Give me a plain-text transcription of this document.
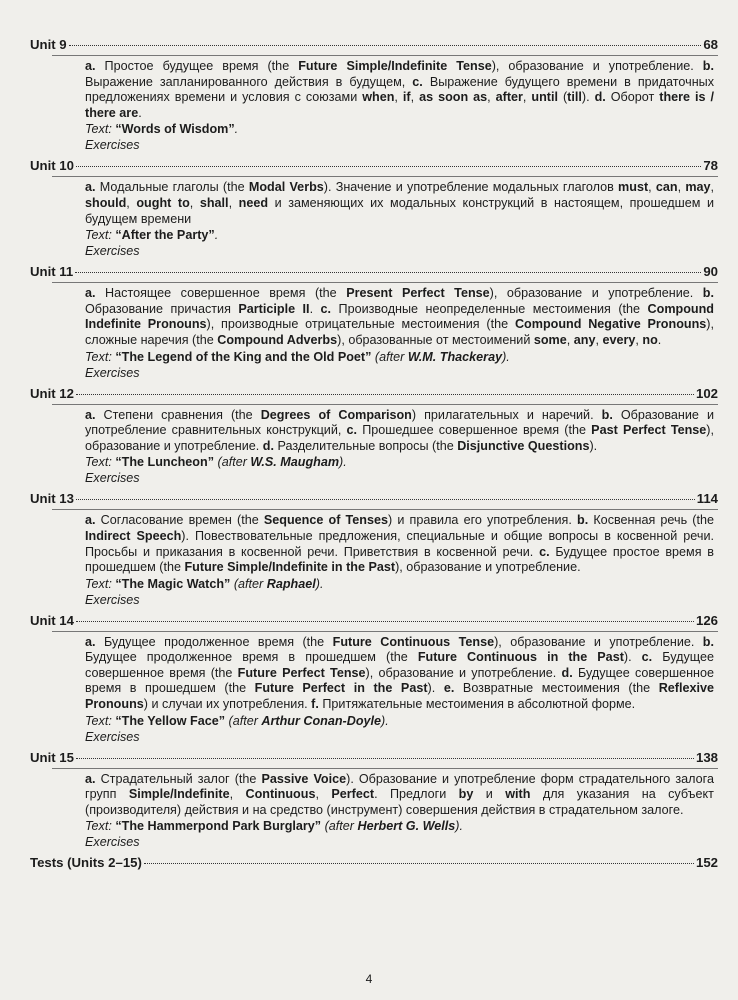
Unit 9	68

a. Простое будущее время (the Future Simple/Indefinite Tense), образование и употребление. b. Выражение запланированного действия в будущем, c. Выражение будущего времени в придаточных предложениях времени и условия с союзами when, if, as soon as, after, until (till). d. Оборот there is / there are.

Text: “Words of Wisdom”.

Exercises

Unit 10	78

a. Модальные глаголы (the Modal Verbs). Значение и употребление модальных глаголов must, can, may, should, ought to, shall, need и заменяющих их модальных конструкций в настоящем, прошедшем и будущем времени

Text: “After the Party”.

Exercises

Unit 11	90

a. Настоящее совершенное время (the Present Perfect Tense), образование и употребление. b. Образование причастия Participle II. c. Производные неопределенные местоимения (the Compound Indefinite Pronouns), производные отрицательные местоимения (the Compound Negative Pronouns), сложные наречия (the Compound Adverbs), образованные от местоимений some, any, every, no.

Text: “The Legend of the King and the Old Poet” (after W.M. Thackeray).

Exercises

Unit 12	102

a. Степени сравнения (the Degrees of Comparison) прилагательных и наречий. b. Образование и употребление сравнительных конструкций, c. Прошедшее совершенное время (the Past Perfect Tense), образование и употребление. d. Разделительные вопросы (the Disjunctive Questions).

Text: “The Luncheon” (after W.S. Maugham).

Exercises

Unit 13	114

a. Согласование времен (the Sequence of Tenses) и правила его употребления. b. Косвенная речь (the Indirect Speech). Повествовательные предложения, специальные и общие вопросы в косвенной речи. Просьбы и приказания в косвенной речи. Приветствия в косвенной речи. c. Будущее простое время в прошедшем (the Future Simple/Indefinite in the Past), образование и употребление.

Text: “The Magic Watch” (after Raphael).

Exercises

Unit 14	126

a. Будущее продолженное время (the Future Continuous Tense), образование и употребление. b. Будущее продолженное время в прошедшем (the Future Continuous in the Past). c. Будущее совершенное время (the Future Perfect Tense), образование и употребление. d. Будущее совершенное время в прошедшем (the Future Perfect in the Past). e. Возвратные местоимения (the Reflexive Pronouns) и случаи их употребления. f. Притяжательные местоимения в абсолютной форме.

Text: “The Yellow Face” (after Arthur Conan-Doyle).

Exercises

Unit 15	138

a. Страдательный залог (the Passive Voice). Образование и употребление форм страдательного залога групп Simple/Indefinite, Continuous, Perfect. Предлоги by и with для указания на субъект (производителя) действия и на средство (инструмент) совершения действия в страдательном залоге.

Text: “The Hammerpond Park Burglary” (after Herbert G. Wells).

Exercises

Tests (Units 2–15)	152
4
